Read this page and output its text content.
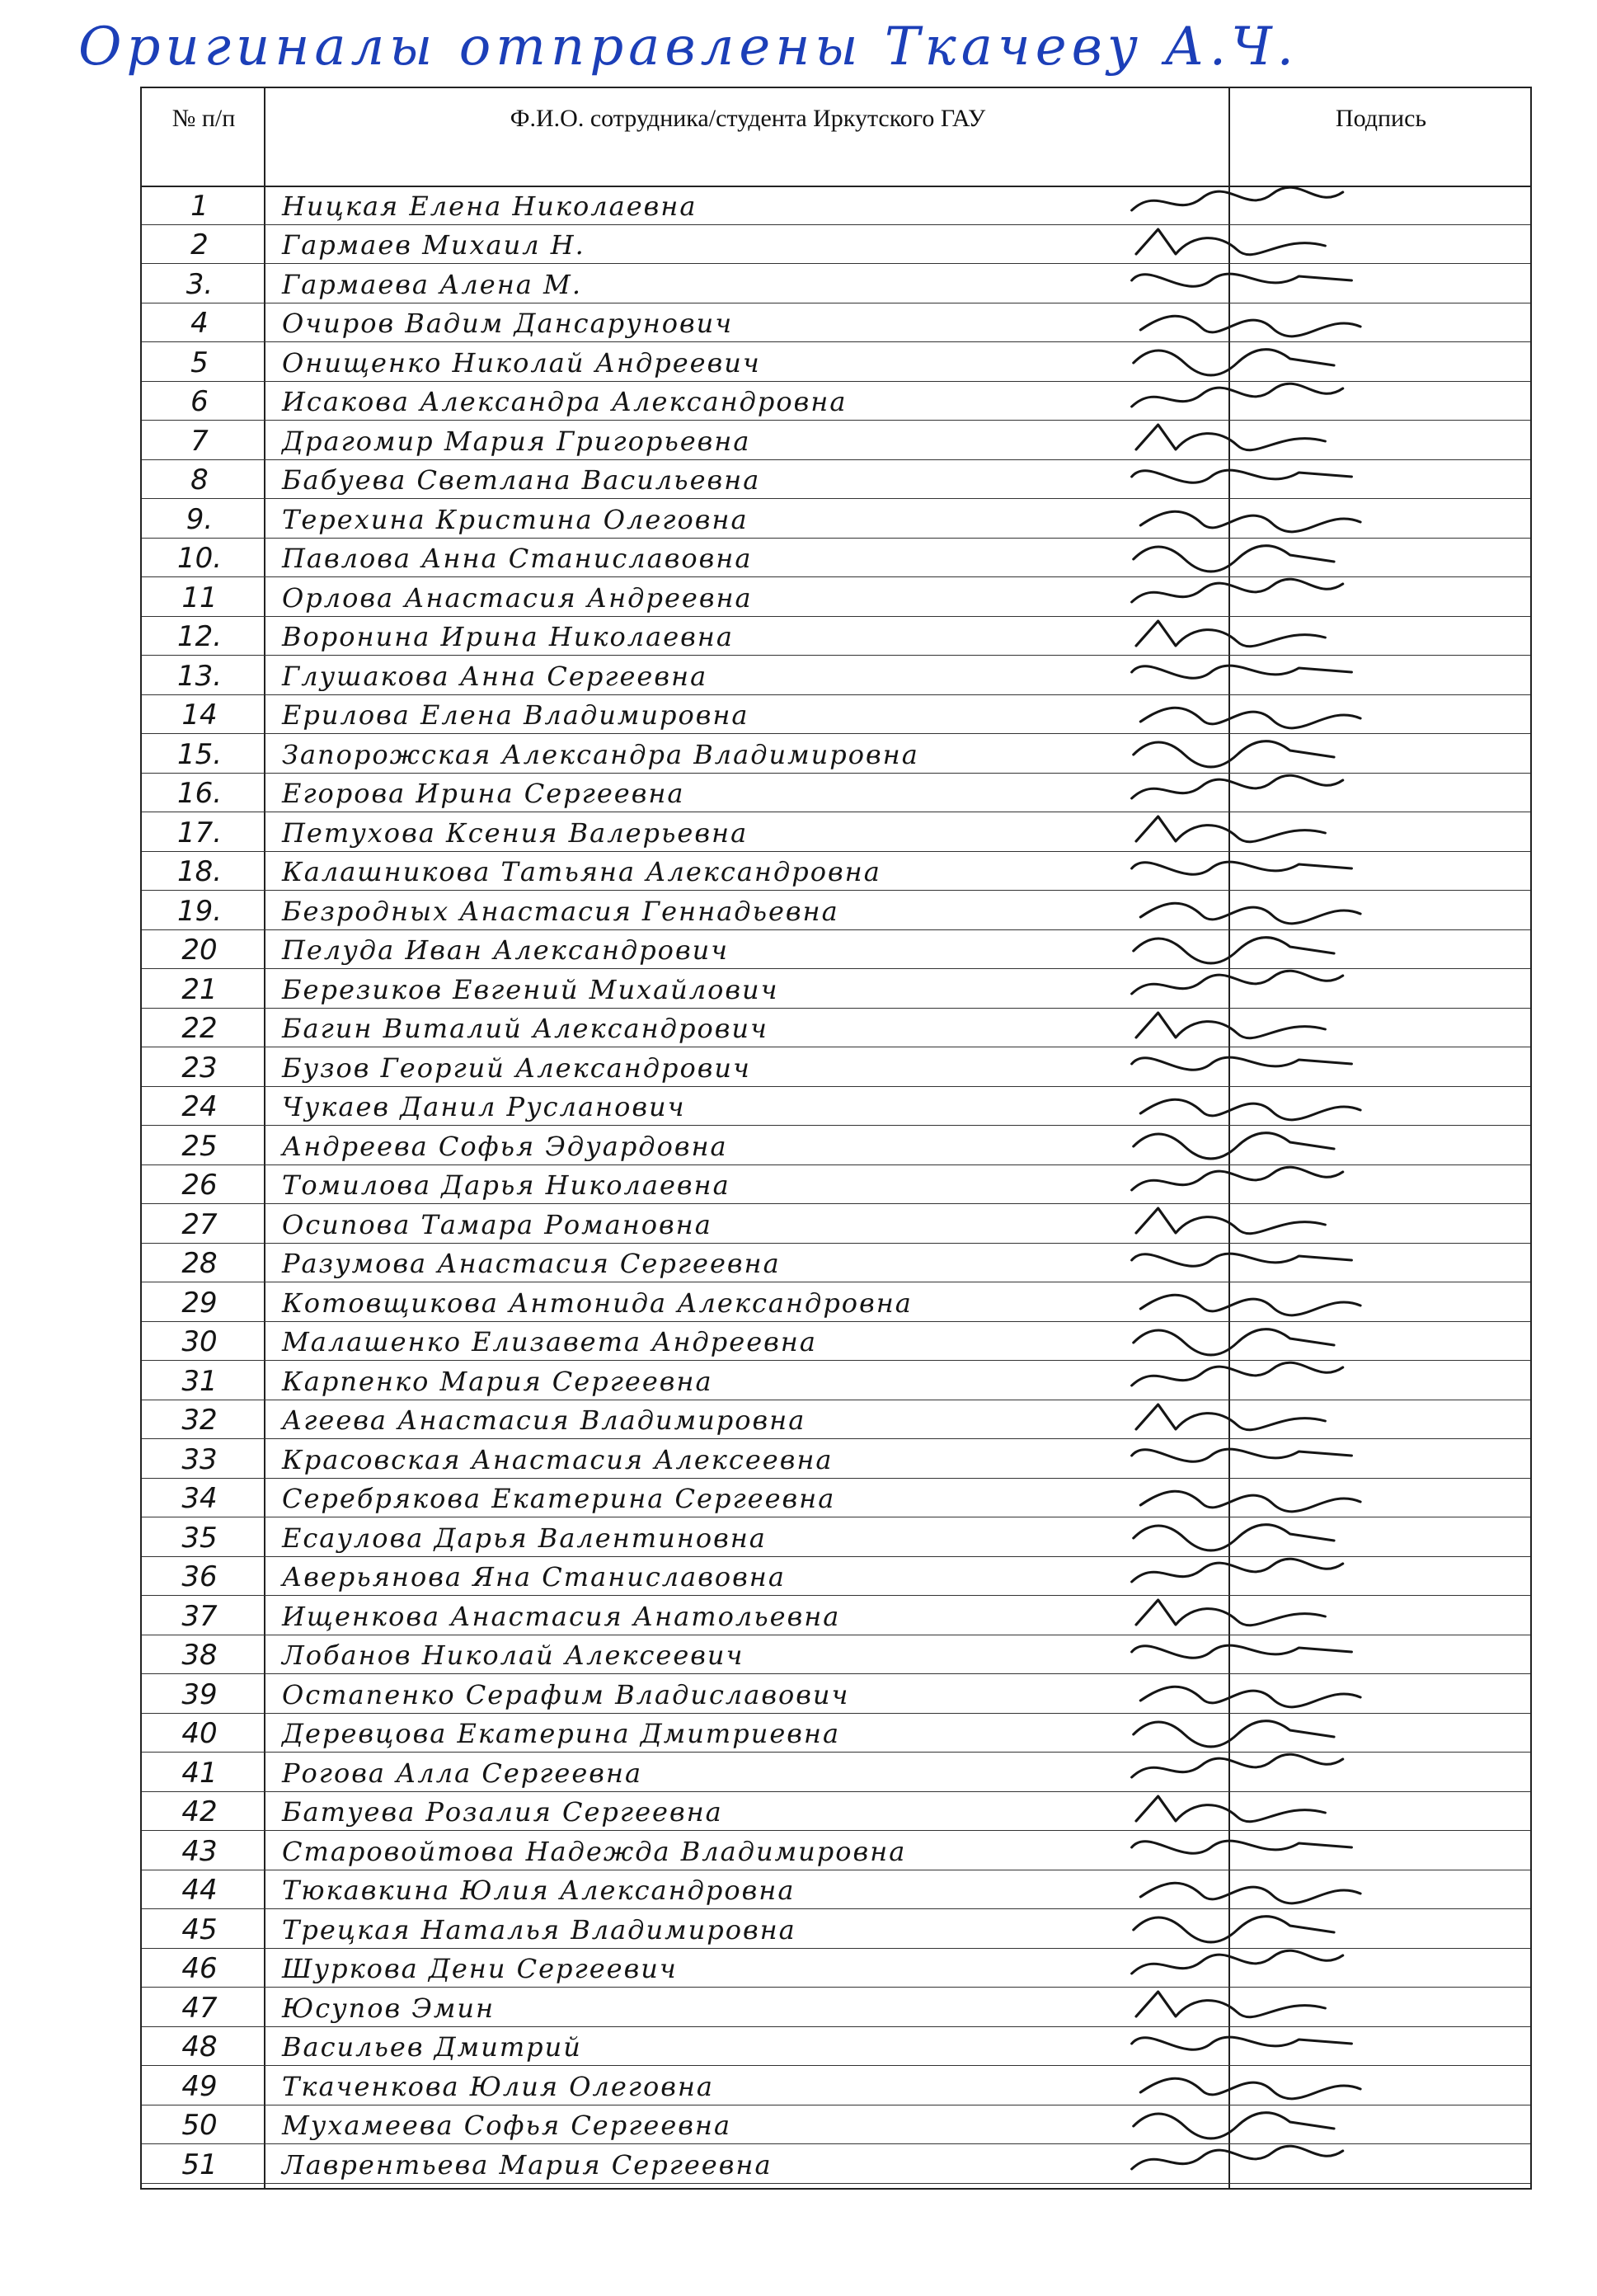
Оригиналы отправлены Ткачеву А.Ч.
№ п/п	Ф.И.О. сотрудника/студента Иркутского ГАУ	Подпись
1	Ницкая Елена Николаевна
2	Гармаев Михаил Н.
3.	Гармаева Алена М.
4	Очиров Вадим Дансарунович
5	Онищенко Николай Андреевич
6	Исакова Александра Александровна
7	Драгомир Мария Григорьевна
8	Бабуева Светлана Васильевна
9.	Терехина Кристина Олеговна
10.	Павлова Анна Станиславовна
11	Орлова Анастасия Андреевна
12.	Воронина Ирина Николаевна
13.	Глушакова Анна Сергеевна
14	Ерилова Елена Владимировна
15.	Запорожская Александра Владимировна
16.	Егорова Ирина Сергеевна
17.	Петухова Ксения Валерьевна
18.	Калашникова Татьяна Александровна
19.	Безродных Анастасия Геннадьевна
20	Пелуда Иван Александрович
21	Березиков Евгений Михайлович
22	Багин Виталий Александрович
23	Бузов Георгий Александрович
24	Чукаев Данил Русланович
25	Андреева Софья Эдуардовна
26	Томилова Дарья Николаевна
27	Осипова Тамара Романовна
28	Разумова Анастасия Сергеевна
29	Котовщикова Антонида Александровна
30	Малашенко Елизавета Андреевна
31	Карпенко Мария Сергеевна
32	Агеева Анастасия Владимировна
33	Красовская Анастасия Алексеевна
34	Серебрякова Екатерина Сергеевна
35	Есаулова Дарья Валентиновна
36	Аверьянова Яна Станиславовна
37	Ищенкова Анастасия Анатольевна
38	Лобанов Николай Алексеевич
39	Остапенко Серафим Владиславович
40	Деревцова Екатерина Дмитриевна
41	Рогова Алла Сергеевна
42	Батуева Розалия Сергеевна
43	Старовойтова Надежда Владимировна
44	Тюкавкина Юлия Александровна
45	Трецкая Наталья Владимировна
46	Шуркова Дени Сергеевич
47	Юсупов Эмин
48	Васильев Дмитрий
49	Ткаченкова Юлия Олеговна
50	Мухамеева Софья Сергеевна
51	Лаврентьева Мария Сергеевна
